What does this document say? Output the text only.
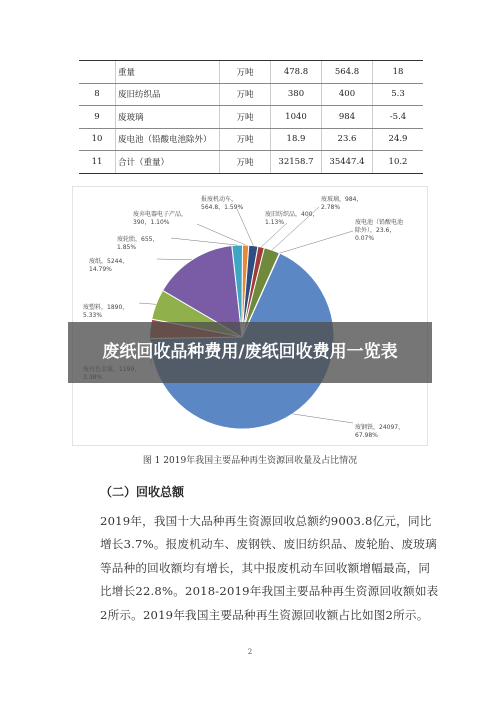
	重量	万吨	478.8	564.8	18
8	废旧纺织品	万吨	380	400	5.3
9	废玻璃	万吨	1040	984	-5.4
10	废电池（铅酸电池除外）	万吨	18.9	23.6	24.9
11	合计（重量）	万吨	32158.7	35447.4	10.2
废钢铁，24097， 67.98%
废塑料，1890， 5.33%
废纸，5244， 14.79%
废轮胎，655， 1.85%
废弃电器电子产品， 390，1.10%
报废机动车， 564.8，1.59%
废旧纺织品，400， 1.13%
废玻璃，984， 2.78%
废电池（铅酸电池除外），23.6， 0.07%
图 1 2019年我国主要品种再生资源回收量及占比情况
（二）回收总额
2019年，我国十大品种再生资源回收总额约9003.8亿元，同比增长3.7%。报废机动车、废钢铁、废旧纺织品、废轮胎、废玻璃等品种的回收额均有增长，其中报废机动车回收额增幅最高，同比增长22.8%。2018-2019年我国主要品种再生资源回收额如表2所示。2019年我国主要品种再生资源回收额占比如图2所示。
2
废纸回收品种费用/废纸回收费用一览表
